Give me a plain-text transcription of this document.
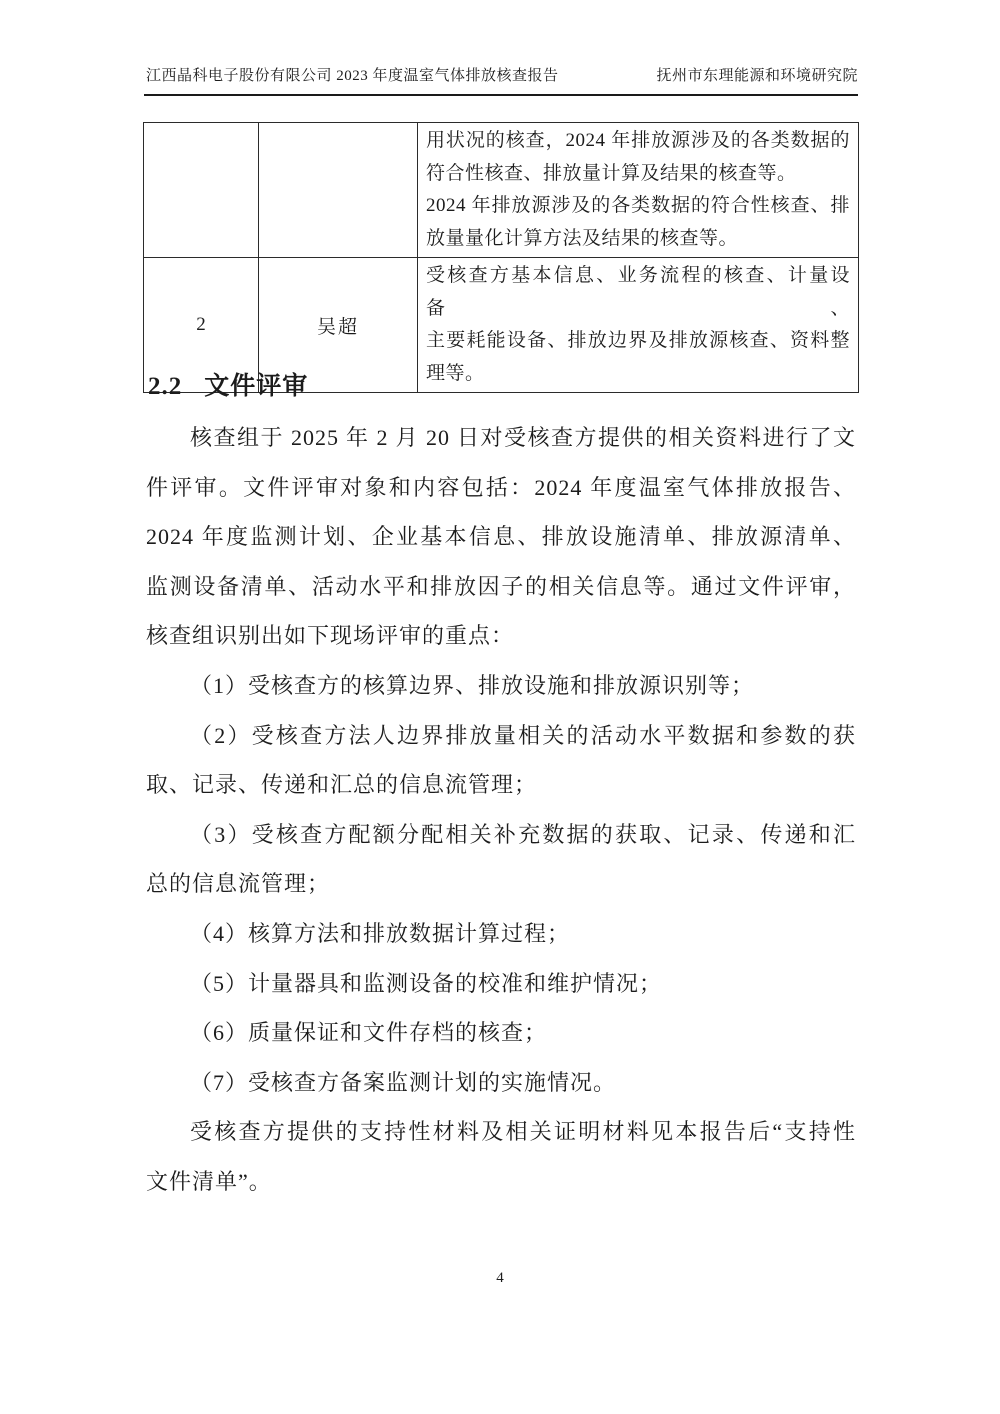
江西晶科电子股份有限公司 2023 年度温室气体排放核查报告	抚州市东理能源和环境研究院

		用状况的核查，2024 年排放源涉及的各类数据的
符合性核查、排放量计算及结果的核查等。
2024 年排放源涉及的各类数据的符合性核查、排
放量量化计算方法及结果的核查等。

2	吴超	受核查方基本信息、业务流程的核查、计量设备、
主要耗能设备、排放边界及排放源核查、资料整
理等。
2.2 文件评审
核查组于 2025 年 2 月 20 日对受核查方提供的相关资料进行了文
件评审。文件评审对象和内容包括：2024 年度温室气体排放报告、
2024 年度监测计划、企业基本信息、排放设施清单、排放源清单、
监测设备清单、活动水平和排放因子的相关信息等。通过文件评审，
核查组识别出如下现场评审的重点：
（1）受核查方的核算边界、排放设施和排放源识别等；
（2）受核查方法人边界排放量相关的活动水平数据和参数的获
取、记录、传递和汇总的信息流管理；
（3）受核查方配额分配相关补充数据的获取、记录、传递和汇
总的信息流管理；
（4）核算方法和排放数据计算过程；
（5）计量器具和监测设备的校准和维护情况；
（6）质量保证和文件存档的核查；
（7）受核查方备案监测计划的实施情况。
受核查方提供的支持性材料及相关证明材料见本报告后“支持性
文件清单”。
4
